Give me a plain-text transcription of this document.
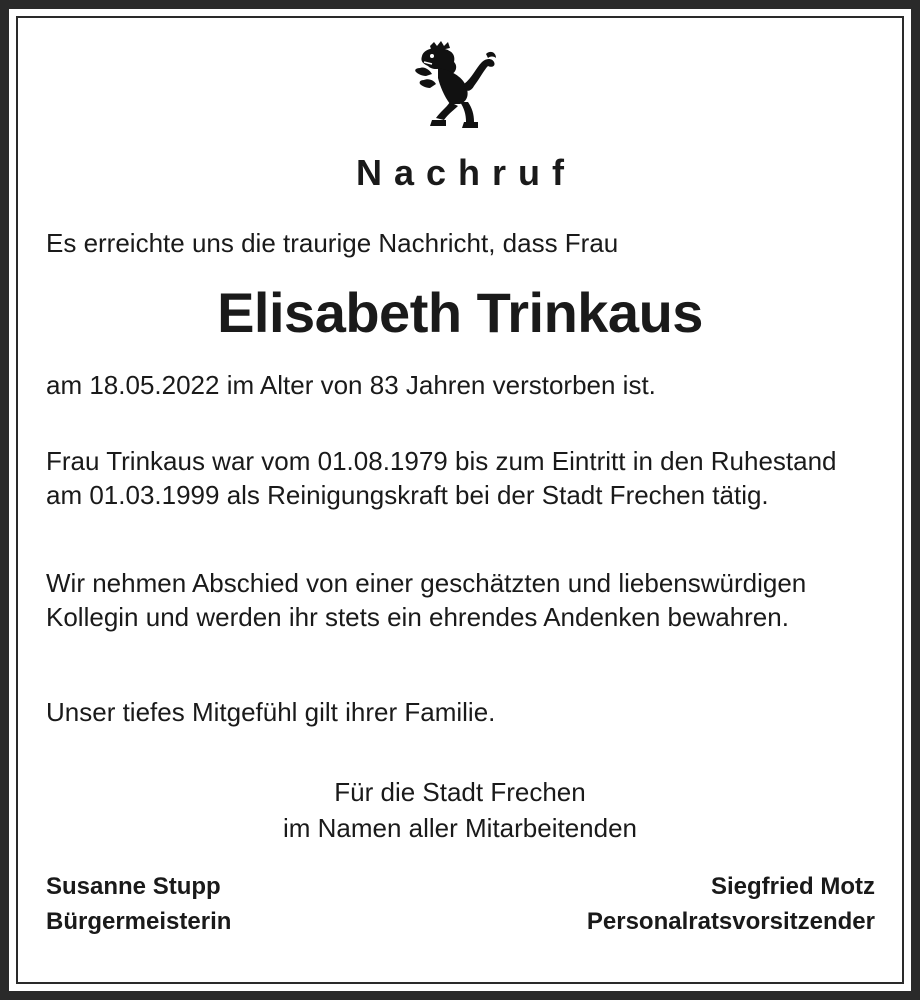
Nachruf
Es erreichte uns die traurige Nachricht, dass Frau
Elisabeth Trinkaus
am 18.05.2022 im Alter von 83 Jahren verstorben ist.
Frau Trinkaus war vom 01.08.1979 bis zum Eintritt in den Ruhestand am 01.03.1999 als Reinigungskraft bei der Stadt Frechen tätig.
Wir nehmen Abschied von einer geschätzten und liebenswürdigen Kollegin und werden ihr stets ein ehrendes Andenken bewahren.
Unser tiefes Mitgefühl gilt ihrer Familie.
Für die Stadt Frechen
im Namen aller Mitarbeitenden
Susanne Stupp
Bürgermeisterin
Siegfried Motz
Personalratsvorsitzender
